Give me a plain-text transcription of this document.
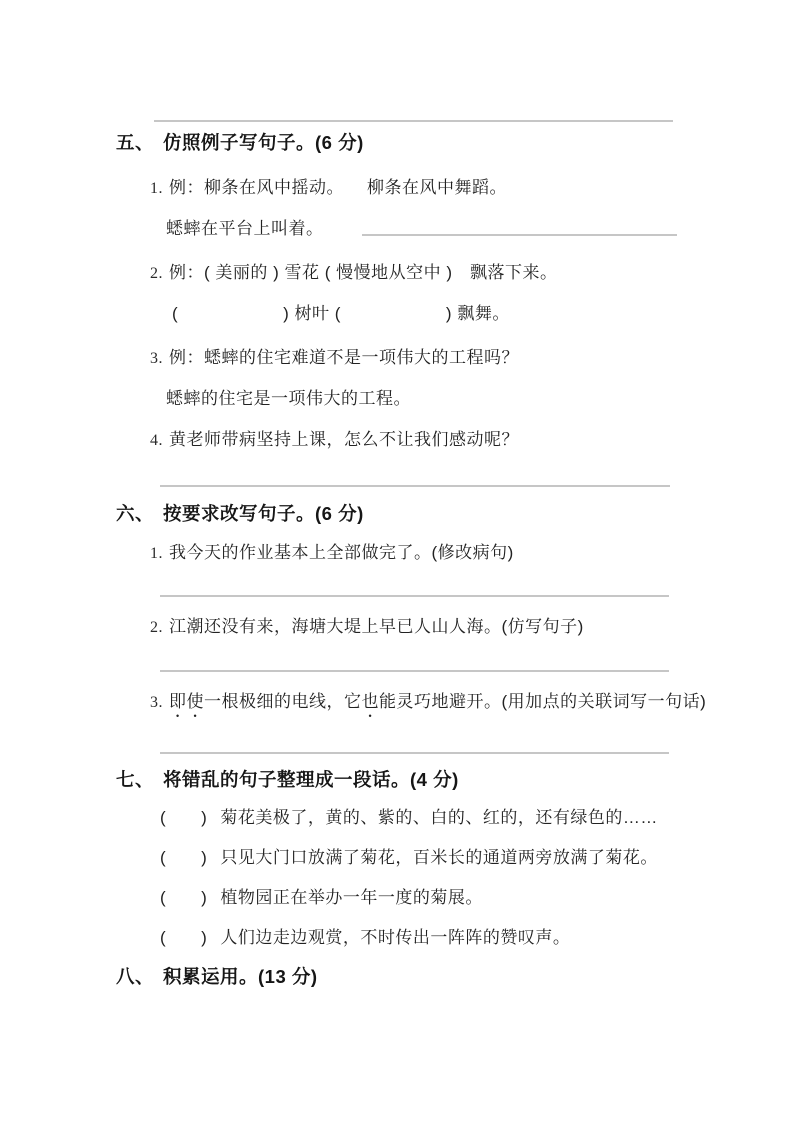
五、 仿照例子写句子。(6 分)
1. 例：柳条在风中摇动。 柳条在风中舞蹈。
蟋蟀在平台上叫着。
2. 例：( 美丽的 ) 雪花 ( 慢慢地从空中 )　飘落下来。
(　　　　　　) 树叶 (　　　　　　) 飘舞。
3. 例：蟋蟀的住宅难道不是一项伟大的工程吗？
蟋蟀的住宅是一项伟大的工程。
4. 黄老师带病坚持上课，怎么不让我们感动呢？
六、 按要求改写句子。(6 分)
1. 我今天的作业基本上全部做完了。(修改病句)
2. 江潮还没有来，海塘大堤上早已人山人海。(仿写句子)
3. 即使一根极细的电线，它也能灵巧地避开。(用加点的关联词写一句话)
七、 将错乱的句子整理成一段话。(4 分)
(　　) 菊花美极了，黄的、紫的、白的、红的，还有绿色的……
(　　) 只见大门口放满了菊花，百米长的通道两旁放满了菊花。
(　　) 植物园正在举办一年一度的菊展。
(　　) 人们边走边观赏，不时传出一阵阵的赞叹声。
八、 积累运用。(13 分)
